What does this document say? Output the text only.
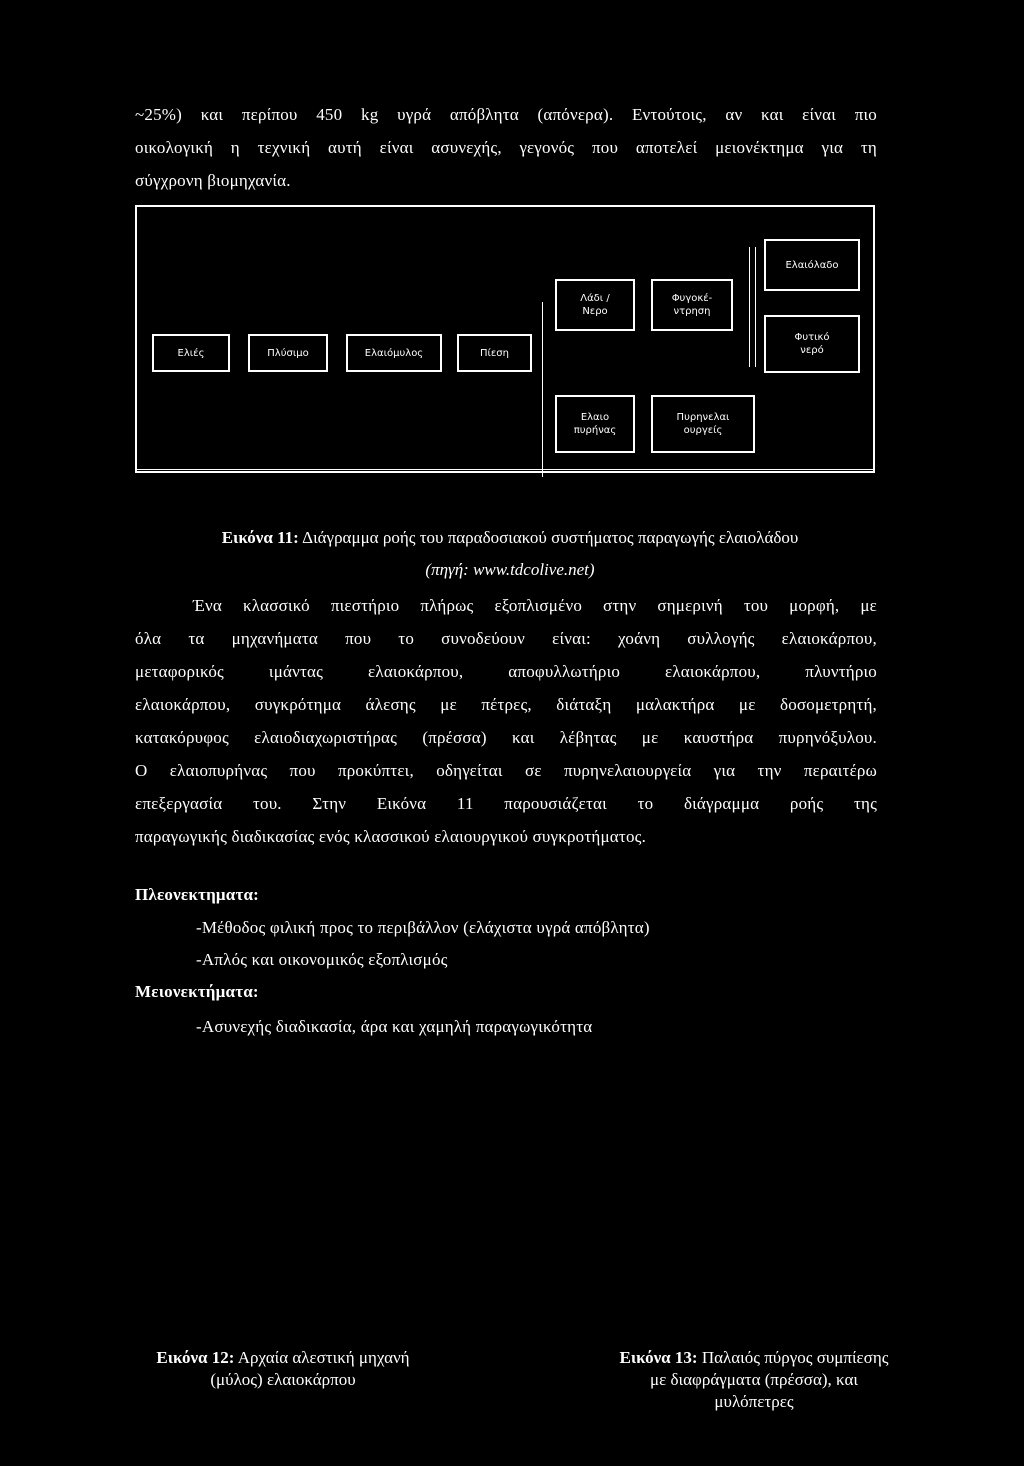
~25%) και περίπου 450 kg υγρά απόβλητα (απόνερα). Εντούτοις, αν και είναι πιο
οικολογική η τεχνική αυτή είναι ασυνεχής, γεγονός που αποτελεί μειονέκτημα για τη
σύγχρονη βιομηχανία.
Ελιές	Πλύσιμο	Ελαιόμυλος	Πίεση
Λάδι /
Νερο
Φυγοκέ-
ντρηση
Ελαιόλαδο
Φυτικό
νερό
Ελαιο
πυρήνας
Πυρηνελαι
ουργείς
Εικόνα 11: Διάγραμμα ροής του παραδοσιακού συστήματος παραγωγής ελαιολάδου
(πηγή: www.tdcolive.net)
Ένα κλασσικό πιεστήριο πλήρως εξοπλισμένο στην σημερινή του μορφή, με
όλα τα μηχανήματα που το συνοδεύουν είναι: χοάνη συλλογής ελαιοκάρπου,
μεταφορικός ιμάντας ελαιοκάρπου, αποφυλλωτήριο ελαιοκάρπου, πλυντήριο
ελαιοκάρπου, συγκρότημα άλεσης με πέτρες, διάταξη μαλακτήρα με δοσομετρητή,
κατακόρυφος ελαιοδιαχωριστήρας (πρέσσα) και λέβητας με καυστήρα πυρηνόξυλου.
Ο ελαιοπυρήνας που προκύπτει, οδηγείται σε πυρηνελαιουργεία για την περαιτέρω
επεξεργασία του. Στην Εικόνα 11 παρουσιάζεται το διάγραμμα ροής της
παραγωγικής διαδικασίας ενός κλασσικού ελαιουργικού συγκροτήματος.
Πλεονεκτηματα:
-Μέθοδος φιλική προς το περιβάλλον (ελάχιστα υγρά απόβλητα)
-Απλός και οικονομικός εξοπλισμός
Μειονεκτήματα:
-Ασυνεχής διαδικασία, άρα και χαμηλή παραγωγικότητα
Εικόνα 12: Αρχαία αλεστική μηχανή
(μύλος) ελαιοκάρπου
Εικόνα 13: Παλαιός πύργος συμπίεσης
με διαφράγματα (πρέσσα), και
μυλόπετρες
